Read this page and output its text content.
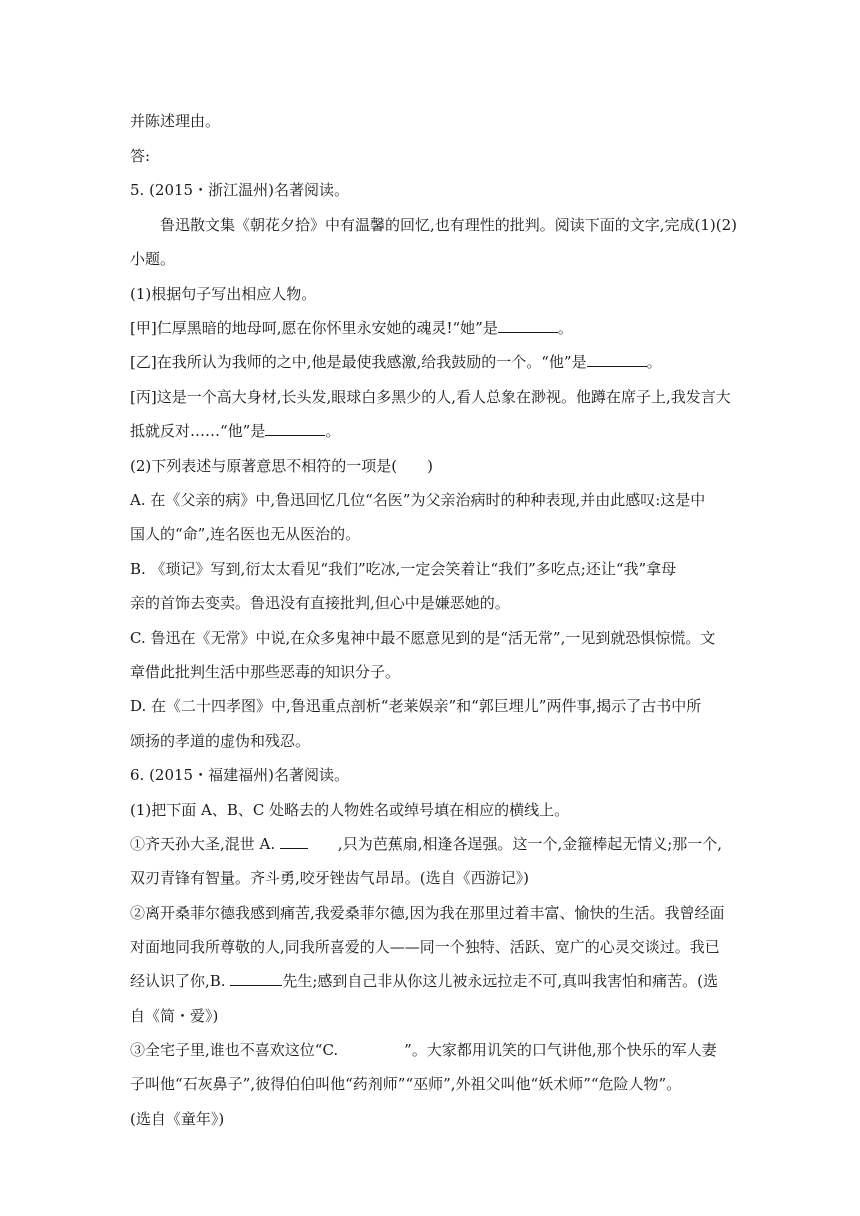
并陈述理由。
答:
5. (2015・浙江温州)名著阅读。
鲁迅散文集《朝花夕拾》中有温馨的回忆,也有理性的批判。阅读下面的文字,完成(1)(2)
小题。
(1)根据句子写出相应人物。
[甲]仁厚黑暗的地母呵,愿在你怀里永安她的魂灵!“她”是	。
[乙]在我所认为我师的之中,他是最使我感激,给我鼓励的一个。“他”是	。
[丙]这是一个高大身材,长头发,眼球白多黑少的人,看人总象在渺视。他蹲在席子上,我发言大
抵就反对……“他”是	。
(2)下列表述与原著意思不相符的一项是(　　)
A. 在《父亲的病》中,鲁迅回忆几位“名医”为父亲治病时的种种表现,并由此感叹:这是中
国人的“命”,连名医也无从医治的。
B. 《琐记》写到,衍太太看见“我们”吃冰,一定会笑着让“我们”多吃点;还让“我”拿母
亲的首饰去变卖。鲁迅没有直接批判,但心中是嫌恶她的。
C. 鲁迅在《无常》中说,在众多鬼神中最不愿意见到的是“活无常”,一见到就恐惧惊慌。文
章借此批判生活中那些恶毒的知识分子。
D. 在《二十四孝图》中,鲁迅重点剖析“老莱娱亲”和“郭巨埋儿”两件事,揭示了古书中所
颂扬的孝道的虚伪和残忍。
6. (2015・福建福州)名著阅读。
(1)把下面 A、B、C 处略去的人物姓名或绰号填在相应的横线上。
①齐天孙大圣,混世 A.	,只为芭蕉扇,相逢各逞强。这一个,金箍棒起无情义;那一个,
双刃青锋有智量。齐斗勇,咬牙锉齿气昂昂。(选自《西游记》)
②离开桑菲尔德我感到痛苦,我爱桑菲尔德,因为我在那里过着丰富、愉快的生活。我曾经面
对面地同我所尊敬的人,同我所喜爱的人——同一个独特、活跃、宽广的心灵交谈过。我已
经认识了你,B.	先生;感到自己非从你这儿被永远拉走不可,真叫我害怕和痛苦。(选
自《简・爱》)
③全宅子里,谁也不喜欢这位“C.	”。大家都用讥笑的口气讲他,那个快乐的军人妻
子叫他“石灰鼻子”,彼得伯伯叫他“药剂师”“巫师”,外祖父叫他“妖术师”“危险人物”。
(选自《童年》)
